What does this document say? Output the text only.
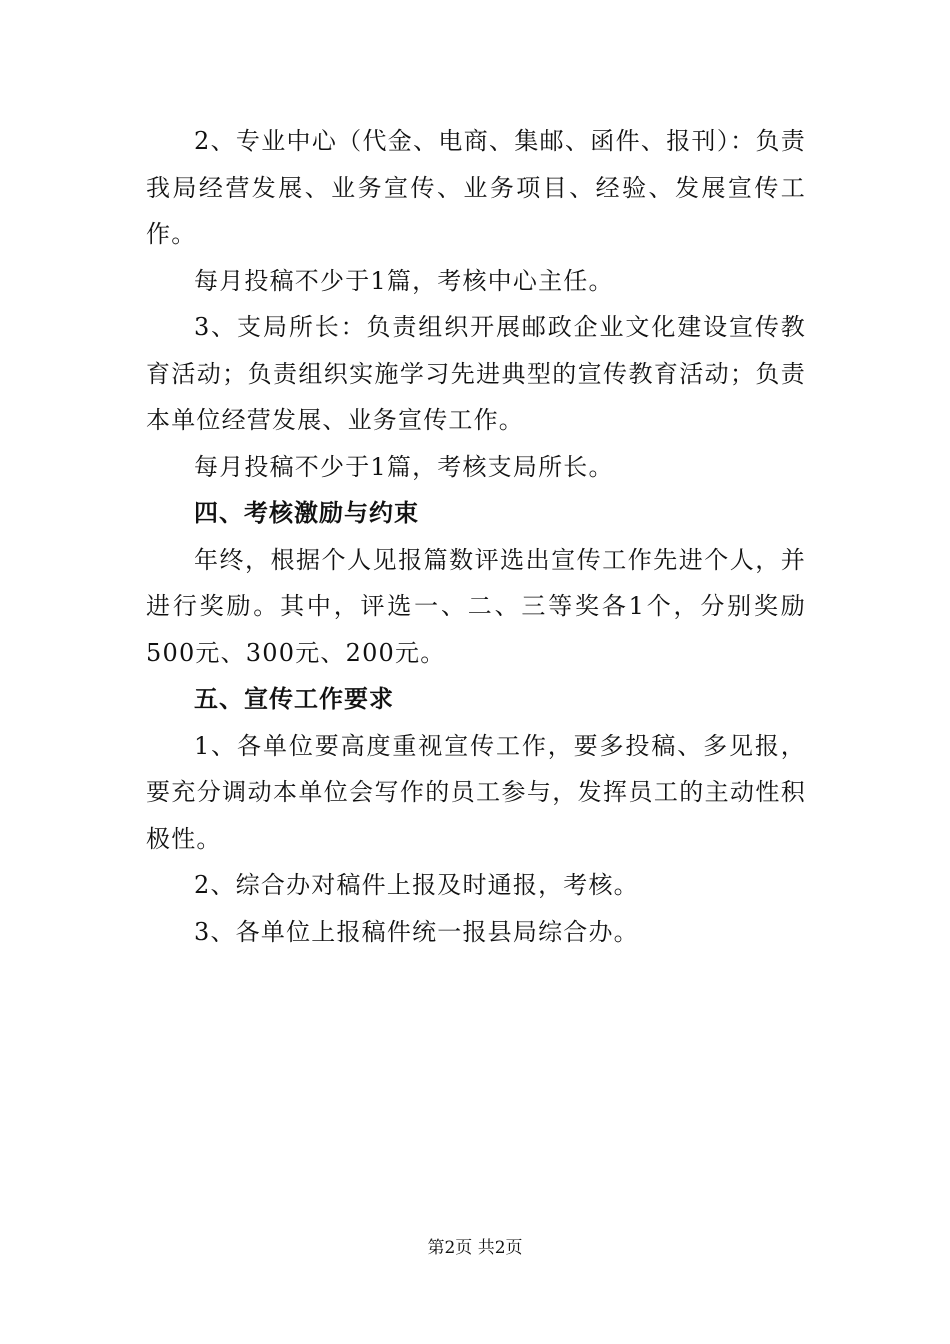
2、专业中心（代金、电商、集邮、函件、报刊）：负责我局经营发展、业务宣传、业务项目、经验、发展宣传工作。

每月投稿不少于1篇，考核中心主任。

3、支局所长：负责组织开展邮政企业文化建设宣传教育活动；负责组织实施学习先进典型的宣传教育活动；负责本单位经营发展、业务宣传工作。

每月投稿不少于1篇，考核支局所长。

四、考核激励与约束

年终，根据个人见报篇数评选出宣传工作先进个人，并进行奖励。其中，评选一、二、三等奖各1个，分别奖励500元、300元、200元。

五、宣传工作要求

1、各单位要高度重视宣传工作，要多投稿、多见报，要充分调动本单位会写作的员工参与，发挥员工的主动性积极性。

2、综合办对稿件上报及时通报，考核。

3、各单位上报稿件统一报县局综合办。

第2页 共2页
